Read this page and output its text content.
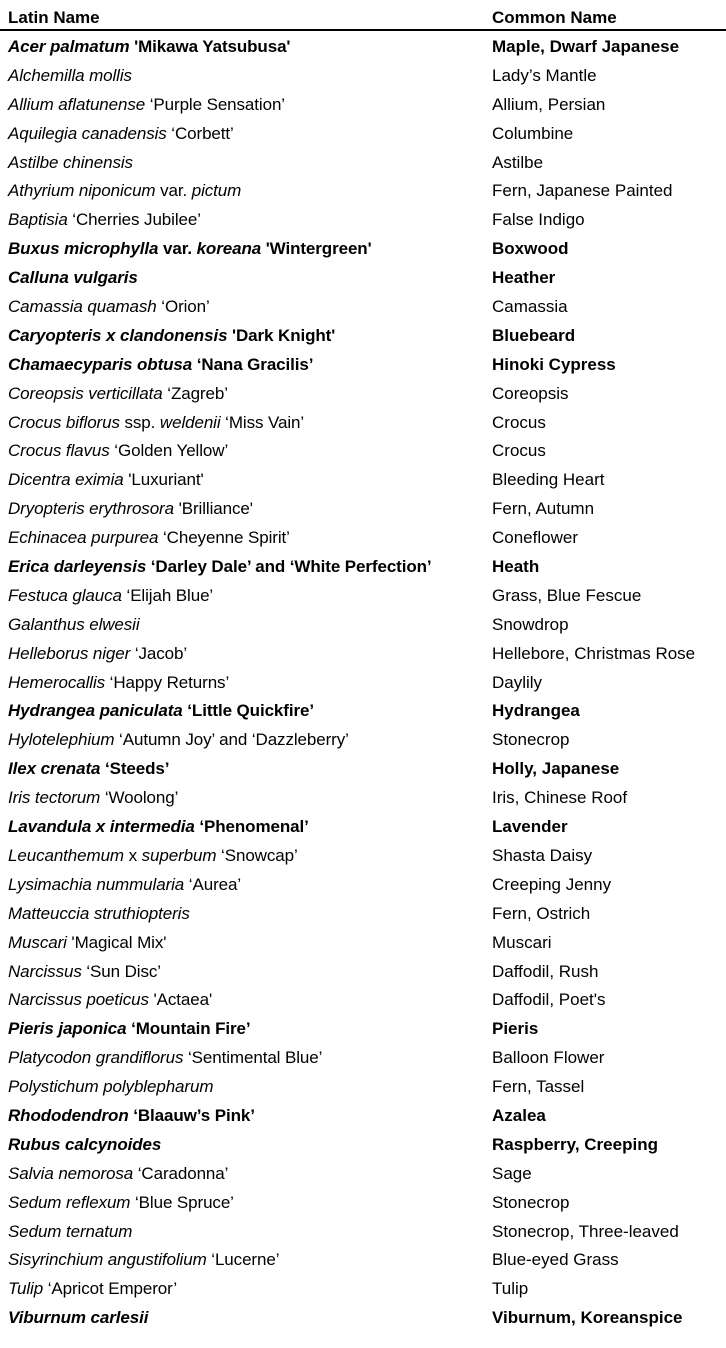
Latin Name	Common Name
Acer palmatum 'Mikawa Yatsubusa'	Maple, Dwarf Japanese
Alchemilla mollis	Lady’s Mantle
Allium aflatunense ‘Purple Sensation’	Allium, Persian
Aquilegia canadensis ‘Corbett’	Columbine
Astilbe chinensis	Astilbe
Athyrium niponicum var. pictum	Fern, Japanese Painted
Baptisia ‘Cherries Jubilee’	False Indigo
Buxus microphylla var. koreana 'Wintergreen'	Boxwood
Calluna vulgaris	Heather
Camassia quamash ‘Orion’	Camassia
Caryopteris x clandonensis 'Dark Knight'	Bluebeard
Chamaecyparis obtusa ‘Nana Gracilis’	Hinoki Cypress
Coreopsis verticillata ‘Zagreb’	Coreopsis
Crocus biflorus ssp. weldenii ‘Miss Vain’	Crocus
Crocus flavus ‘Golden Yellow’	Crocus
Dicentra eximia 'Luxuriant'	Bleeding Heart
Dryopteris erythrosora 'Brilliance'	Fern, Autumn
Echinacea purpurea ‘Cheyenne Spirit’	Coneflower
Erica darleyensis ‘Darley Dale’ and ‘White Perfection’	Heath
Festuca glauca ‘Elijah Blue’	Grass, Blue Fescue
Galanthus elwesii	Snowdrop
Helleborus niger ‘Jacob’	Hellebore, Christmas Rose
Hemerocallis ‘Happy Returns’	Daylily
Hydrangea paniculata ‘Little Quickfire’	Hydrangea
Hylotelephium ‘Autumn Joy’ and ‘Dazzleberry’	Stonecrop
Ilex crenata ‘Steeds’	Holly, Japanese
Iris tectorum ‘Woolong’	Iris, Chinese Roof
Lavandula x intermedia ‘Phenomenal’	Lavender
Leucanthemum x superbum ‘Snowcap’	Shasta Daisy
Lysimachia nummularia ‘Aurea’	Creeping Jenny
Matteuccia struthiopteris	Fern, Ostrich
Muscari 'Magical Mix'	Muscari
Narcissus ‘Sun Disc’	Daffodil, Rush
Narcissus poeticus 'Actaea'	Daffodil, Poet's
Pieris japonica ‘Mountain Fire’	Pieris
Platycodon grandiflorus ‘Sentimental Blue’	Balloon Flower
Polystichum polyblepharum	Fern, Tassel
Rhododendron ‘Blaauw’s Pink’	Azalea
Rubus calcynoides	Raspberry, Creeping
Salvia nemorosa ‘Caradonna’	Sage
Sedum reflexum ‘Blue Spruce’	Stonecrop
Sedum ternatum	Stonecrop, Three-leaved
Sisyrinchium angustifolium ‘Lucerne’	Blue-eyed Grass
Tulip ‘Apricot Emperor’	Tulip
Viburnum carlesii	Viburnum, Koreanspice
